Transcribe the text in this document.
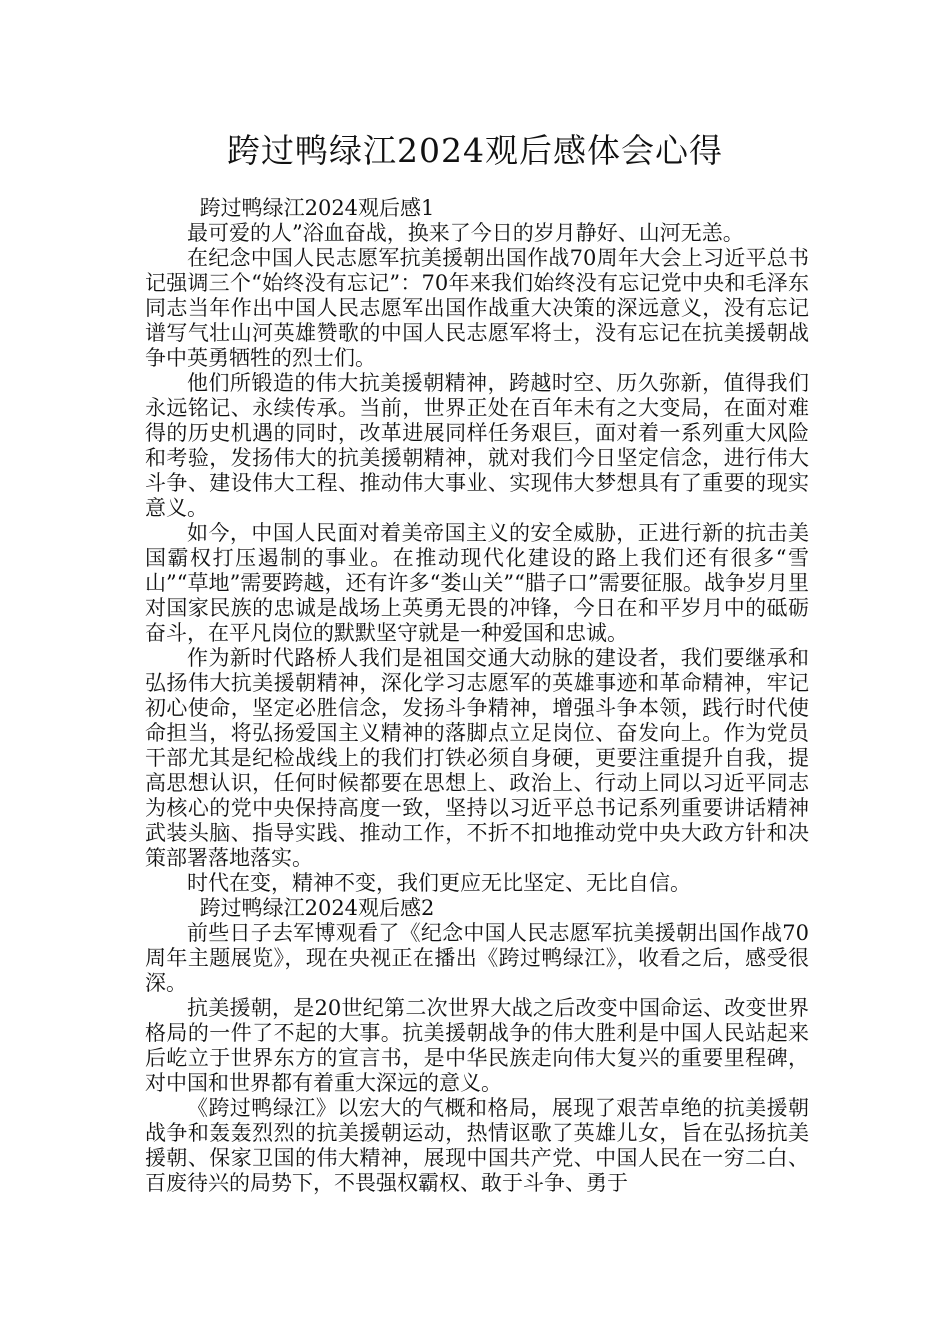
跨过鸭绿江2024观后感体会心得

跨过鸭绿江2024观后感1

最可爱的人”浴血奋战，换来了今日的岁月静好、山河无恙。

在纪念中国人民志愿军抗美援朝出国作战70周年大会上习近平总书记强调三个“始终没有忘记”：70年来我们始终没有忘记党中央和毛泽东同志当年作出中国人民志愿军出国作战重大决策的深远意义，没有忘记谱写气壮山河英雄赞歌的中国人民志愿军将士，没有忘记在抗美援朝战争中英勇牺牲的烈士们。

他们所锻造的伟大抗美援朝精神，跨越时空、历久弥新，值得我们永远铭记、永续传承。当前，世界正处在百年未有之大变局，在面对难得的历史机遇的同时，改革进展同样任务艰巨，面对着一系列重大风险和考验，发扬伟大的抗美援朝精神，就对我们今日坚定信念，进行伟大斗争、建设伟大工程、推动伟大事业、实现伟大梦想具有了重要的现实意义。

如今，中国人民面对着美帝国主义的安全威胁，正进行新的抗击美国霸权打压遏制的事业。在推动现代化建设的路上我们还有很多“雪山”“草地”需要跨越，还有许多“娄山关”“腊子口”需要征服。战争岁月里对国家民族的忠诚是战场上英勇无畏的冲锋，今日在和平岁月中的砥砺奋斗，在平凡岗位的默默坚守就是一种爱国和忠诚。

作为新时代路桥人我们是祖国交通大动脉的建设者，我们要继承和弘扬伟大抗美援朝精神，深化学习志愿军的英雄事迹和革命精神，牢记初心使命，坚定必胜信念，发扬斗争精神，增强斗争本领，践行时代使命担当，将弘扬爱国主义精神的落脚点立足岗位、奋发向上。作为党员干部尤其是纪检战线上的我们打铁必须自身硬，更要注重提升自我，提高思想认识，任何时候都要在思想上、政治上、行动上同以习近平同志为核心的党中央保持高度一致，坚持以习近平总书记系列重要讲话精神武装头脑、指导实践、推动工作，不折不扣地推动党中央大政方针和决策部署落地落实。

时代在变，精神不变，我们更应无比坚定、无比自信。

跨过鸭绿江2024观后感2

前些日子去军博观看了《纪念中国人民志愿军抗美援朝出国作战70周年主题展览》，现在央视正在播出《跨过鸭绿江》，收看之后，感受很深。

抗美援朝，是20世纪第二次世界大战之后改变中国命运、改变世界格局的一件了不起的大事。抗美援朝战争的伟大胜利是中国人民站起来后屹立于世界东方的宣言书，是中华民族走向伟大复兴的重要里程碑，对中国和世界都有着重大深远的意义。

《跨过鸭绿江》以宏大的气概和格局，展现了艰苦卓绝的抗美援朝战争和轰轰烈烈的抗美援朝运动，热情讴歌了英雄儿女，旨在弘扬抗美援朝、保家卫国的伟大精神，展现中国共产党、中国人民在一穷二白、百废待兴的局势下，不畏强权霸权、敢于斗争、勇于
